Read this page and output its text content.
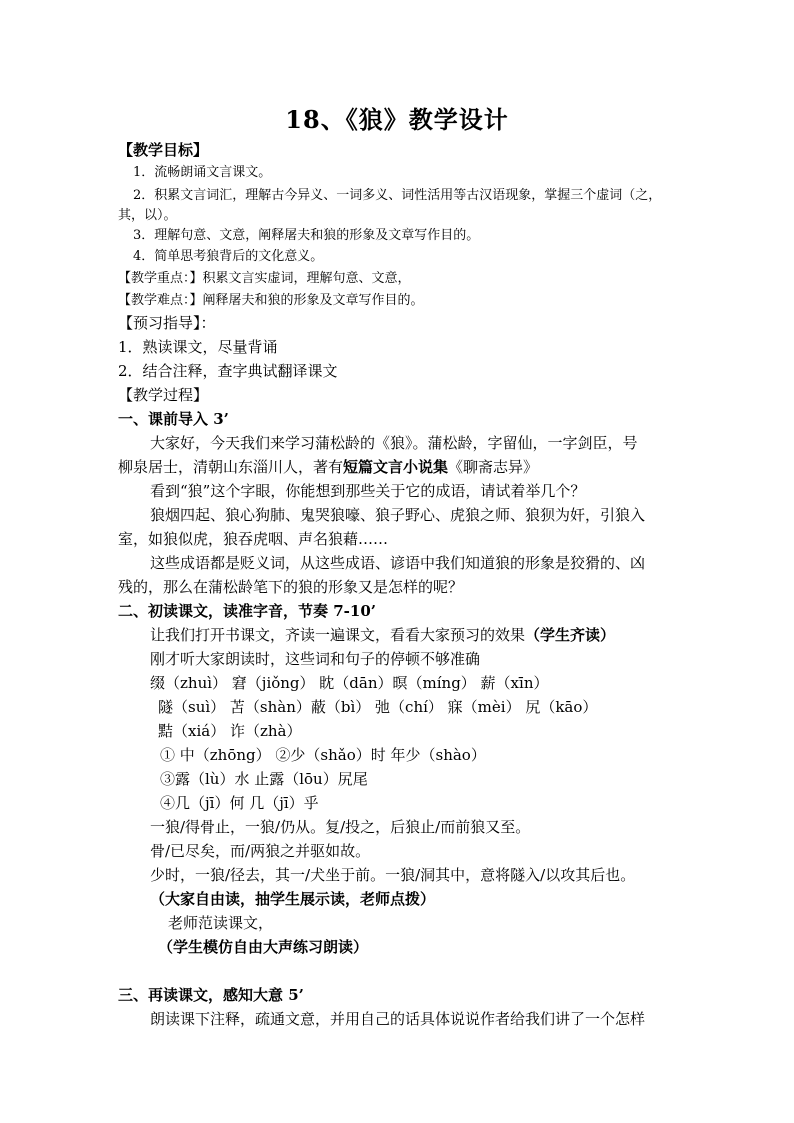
18、《狼》教学设计
【教学目标】
1．流畅朗诵文言课文。
2．积累文言词汇，理解古今异义、一词多义、词性活用等古汉语现象，掌握三个虚词（之，
其，以）。
3．理解句意、文意，阐释屠夫和狼的形象及文章写作目的。
4．简单思考狼背后的文化意义。
【教学重点：】积累文言实虚词，理解句意、文意，
【教学难点：】阐释屠夫和狼的形象及文章写作目的。
【预习指导】：
1．熟读课文，尽量背诵
2．结合注释，查字典试翻译课文
【教学过程】
一、课前导入 3’
大家好，今天我们来学习蒲松龄的《狼》。蒲松龄，字留仙，一字剑臣，号
柳泉居士，清朝山东淄川人，著有短篇文言小说集《聊斋志异》
看到“狼”这个字眼，你能想到那些关于它的成语，请试着举几个？
狼烟四起、狼心狗肺、鬼哭狼嚎、狼子野心、虎狼之师、狼狈为奸，引狼入
室，如狼似虎，狼吞虎咽、声名狼藉……
这些成语都是贬义词，从这些成语、谚语中我们知道狼的形象是狡猾的、凶
残的，那么在蒲松龄笔下的狼的形象又是怎样的呢？
二、初读课文，读准字音，节奏 7-10’
让我们打开书课文，齐读一遍课文，看看大家预习的效果（学生齐读）
刚才听大家朗读时，这些词和句子的停顿不够准确
缀（zhuì） 窘（jiǒng） 眈（dān）暝（míng） 薪（xīn）
隧（suì） 苫（shàn）蔽（bì） 弛（chí） 寐（mèi） 尻（kāo）
黠（xiá） 诈（zhà）
① 中（zhōng） ②少（shǎo）时 年少（shào）
③露（lù）水 止露（lōu）尻尾
④几（jī）何 几（jī）乎
一狼/得骨止，一狼/仍从。复/投之，后狼止/而前狼又至。
骨/已尽矣，而/两狼之并驱如故。
少时，一狼/径去，其一/犬坐于前。一狼/洞其中，意将隧入/以攻其后也。
（大家自由读，抽学生展示读，老师点拨）
老师范读课文，
（学生模仿自由大声练习朗读）
三、再读课文，感知大意 5’
朗读课下注释，疏通文意，并用自己的话具体说说作者给我们讲了一个怎样
